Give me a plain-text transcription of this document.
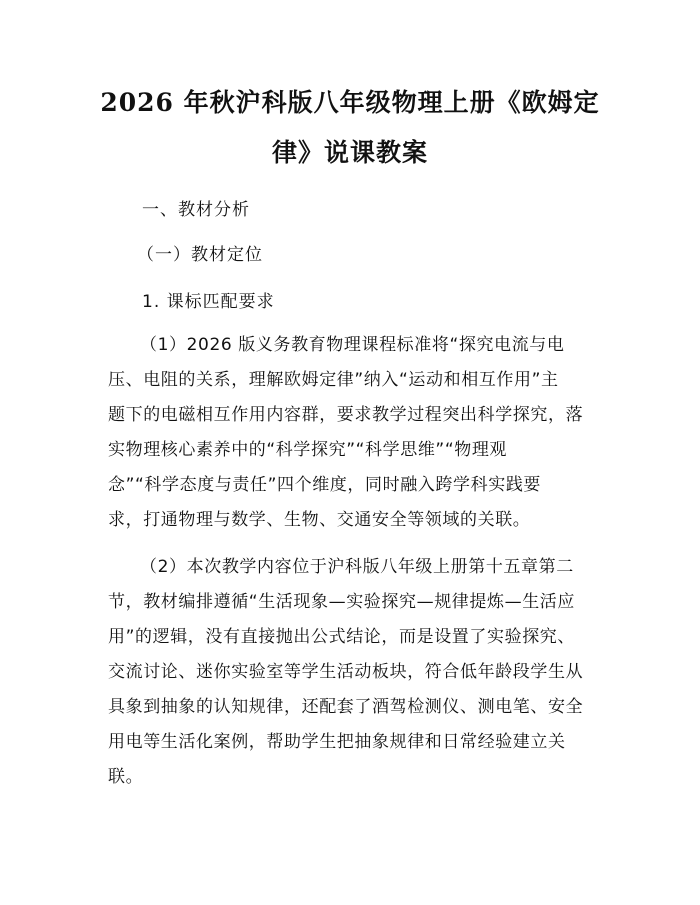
2026 年秋沪科版八年级物理上册《欧姆定
律》说课教案
一、教材分析
（一）教材定位
1. 课标匹配要求
（1）2026 版义务教育物理课程标准将“探究电流与电
压、电阻的关系，理解欧姆定律”纳入“运动和相互作用”主
题下的电磁相互作用内容群，要求教学过程突出科学探究，落
实物理核心素养中的“科学探究”“科学思维”“物理观
念”“科学态度与责任”四个维度，同时融入跨学科实践要
求，打通物理与数学、生物、交通安全等领域的关联。
（2）本次教学内容位于沪科版八年级上册第十五章第二
节，教材编排遵循“生活现象—实验探究—规律提炼—生活应
用”的逻辑，没有直接抛出公式结论，而是设置了实验探究、
交流讨论、迷你实验室等学生活动板块，符合低年龄段学生从
具象到抽象的认知规律，还配套了酒驾检测仪、测电笔、安全
用电等生活化案例，帮助学生把抽象规律和日常经验建立关
联。
